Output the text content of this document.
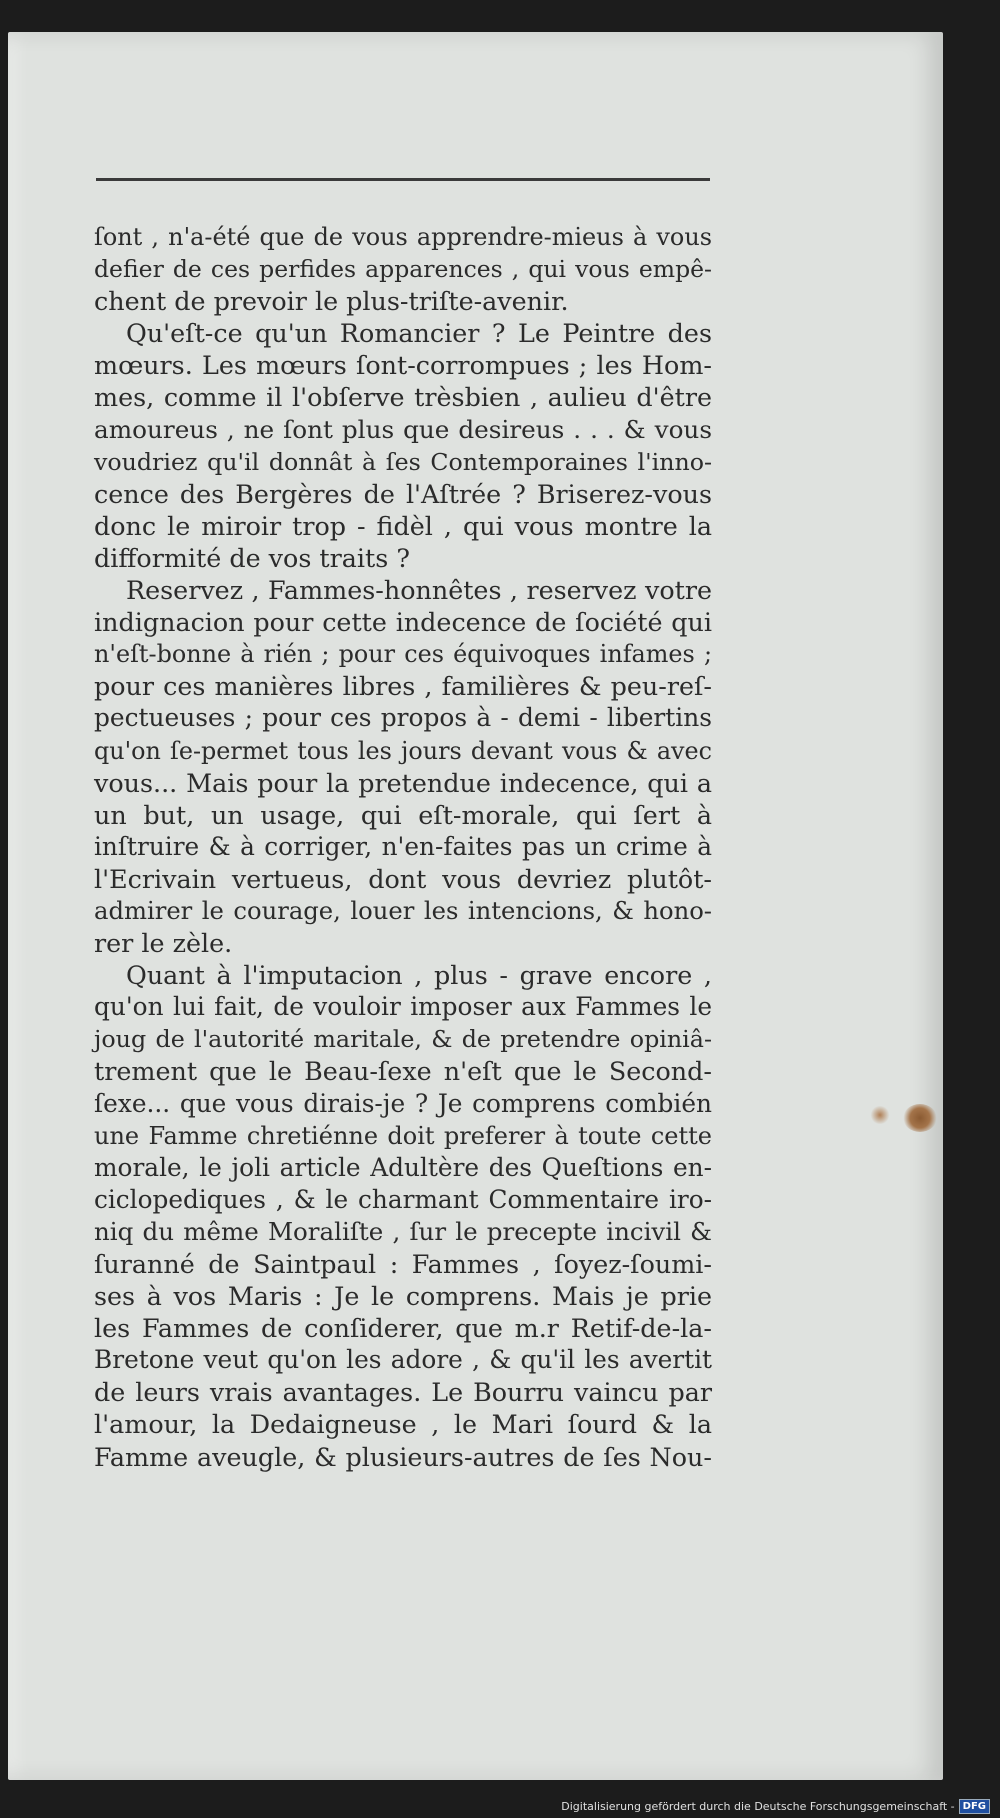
ſont , n'a-été que de vous apprendre-mieus à vous
defier de ces perfides apparences , qui vous empê-
chent de prevoir le plus-triſte-avenir.

Qu'eſt-ce qu'un Romancier ? Le Peintre des
mœurs. Les mœurs ſont-corrompues ; les Hom-
mes, comme il l'obſerve trèsbien , aulieu d'être
amoureus , ne ſont plus que desireus . . . & vous
voudriez qu'il donnât à ſes Contemporaines l'inno-
cence des Bergères de l'Aſtrée ? Briserez-vous
donc le miroir trop - fidèl , qui vous montre la
difformité de vos traits ?

Reservez , Fammes-honnêtes , reservez votre
indignacion pour cette indecence de ſociété qui
n'eſt-bonne à rién ; pour ces équivoques infames ;
pour ces manières libres , familières & peu-reſ-
pectueuses ; pour ces propos à - demi - libertins
qu'on ſe-permet tous les jours devant vous & avec
vous... Mais pour la pretendue indecence, qui a
un but, un usage, qui eſt-morale, qui ſert à
inſtruire & à corriger, n'en-faites pas un crime à
l'Ecrivain vertueus, dont vous devriez plutôt-
admirer le courage, louer les intencions, & hono-
rer le zèle.

Quant à l'imputacion , plus - grave encore ,
qu'on lui fait, de vouloir imposer aux Fammes le
joug de l'autorité maritale, & de pretendre opiniâ-
trement que le Beau-ſexe n'eſt que le Second-
ſexe... que vous dirais-je ? Je comprens combién
une Famme chretiénne doit preferer à toute cette
morale, le joli article Adultère des Queſtions en-
ciclopediques , & le charmant Commentaire iro-
niq du même Moraliſte , ſur le precepte incivil &
ſuranné de Saintpaul : Fammes , ſoyez-ſoumi-
ses à vos Maris : Je le comprens. Mais je prie
les Fammes de conſiderer, que m.r Retif-de-la-
Bretone veut qu'on les adore , & qu'il les avertit
de leurs vrais avantages. Le Bourru vaincu par
l'amour, la Dedaigneuse , le Mari ſourd & la
Famme aveugle, & plusieurs-autres de ſes Nou-

Digitalisierung gefördert durch die Deutsche Forschungsgemeinschaft - DFG
